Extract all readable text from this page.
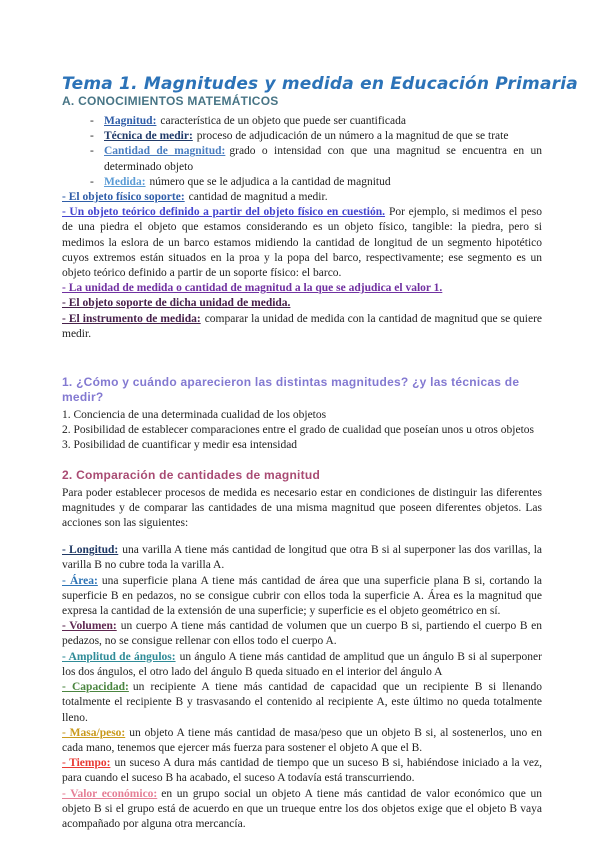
Tema 1. Magnitudes y medida en Educación Primaria
A. CONOCIMIENTOS MATEMÁTICOS
- Magnitud: característica de un objeto que puede ser cuantificada
- Técnica de medir: proceso de adjudicación de un número a la magnitud de que se trate
- Cantidad de magnitud: grado o intensidad con que una magnitud se encuentra en un determinado objeto
- Medida: número que se le adjudica a la cantidad de magnitud

- El objeto físico soporte: cantidad de magnitud a medir.

- Un objeto teórico definido a partir del objeto físico en cuestión. Por ejemplo, si medimos el peso de una piedra el objeto que estamos considerando es un objeto físico, tangible: la piedra, pero si medimos la eslora de un barco estamos midiendo la cantidad de longitud de un segmento hipotético cuyos extremos están situados en la proa y la popa del barco, respectivamente; ese segmento es un objeto teórico definido a partir de un soporte físico: el barco.

- La unidad de medida o cantidad de magnitud a la que se adjudica el valor 1.

- El objeto soporte de dicha unidad de medida.

- El instrumento de medida: comparar la unidad de medida con la cantidad de magnitud que se quiere medir.

1. ¿Cómo y cuándo aparecieron las distintas magnitudes? ¿y las técnicas de medir?

1. Conciencia de una determinada cualidad de los objetos

2. Posibilidad de establecer comparaciones entre el grado de cualidad que poseían unos u otros objetos

3. Posibilidad de cuantificar y medir esa intensidad

2. Comparación de cantidades de magnitud

Para poder establecer procesos de medida es necesario estar en condiciones de distinguir las diferentes magnitudes y de comparar las cantidades de una misma magnitud que poseen diferentes objetos. Las acciones son las siguientes:

- Longitud: una varilla A tiene más cantidad de longitud que otra B si al superponer las dos varillas, la varilla B no cubre toda la varilla A.

- Área: una superficie plana A tiene más cantidad de área que una superficie plana B si, cortando la superficie B en pedazos, no se consigue cubrir con ellos toda la superficie A. Área es la magnitud que expresa la cantidad de la extensión de una superficie; y superficie es el objeto geométrico en sí.

- Volumen: un cuerpo A tiene más cantidad de volumen que un cuerpo B si, partiendo el cuerpo B en pedazos, no se consigue rellenar con ellos todo el cuerpo A.

- Amplitud de ángulos: un ángulo A tiene más cantidad de amplitud que un ángulo B si al superponer los dos ángulos, el otro lado del ángulo B queda situado en el interior del ángulo A

- Capacidad: un recipiente A tiene más cantidad de capacidad que un recipiente B si llenando totalmente el recipiente B y trasvasando el contenido al recipiente A, este último no queda totalmente lleno.

- Masa/peso: un objeto A tiene más cantidad de masa/peso que un objeto B si, al sostenerlos, uno en cada mano, tenemos que ejercer más fuerza para sostener el objeto A que el B.

- Tiempo: un suceso A dura más cantidad de tiempo que un suceso B si, habiéndose iniciado a la vez, para cuando el suceso B ha acabado, el suceso A todavía está transcurriendo.

- Valor económico: en un grupo social un objeto A tiene más cantidad de valor económico que un objeto B si el grupo está de acuerdo en que un trueque entre los dos objetos exige que el objeto B vaya acompañado por alguna otra mercancía.
